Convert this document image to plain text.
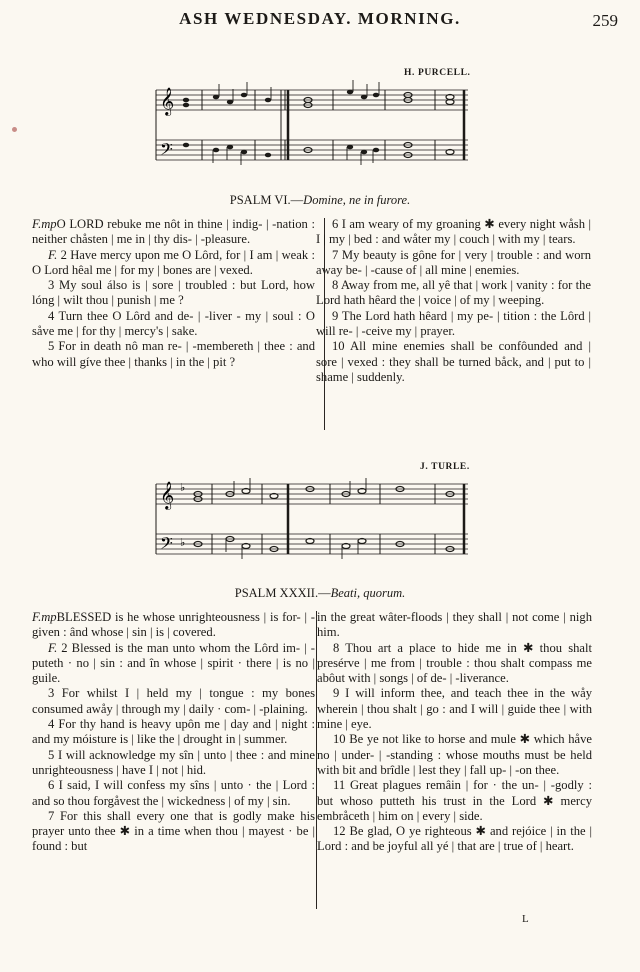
ASH WEDNESDAY. MORNING.	259
H. PURCELL.
𝄞
𝄢
PSALM VI.—Domine, ne in furore.

F.mpO LORD rebuke me nôt in thine | indig- | -nation : neither chåsten | me in | thy dis- | -pleasure.

F. 2 Have mercy upon me O Lôrd, for | I am | weak : O Lord hêal me | for my | bones are | vexed.

3 My soul álso is | sore | troubled : but Lord, how lóng | wilt thou | punish | me ?

4 Turn thee O Lôrd and de- | -liver - my | soul : O såve me | for thy | mercy's | sake.

5 For in death nô man re- | -membereth | thee : and who will gíve thee | thanks | in the | pit ?

6 I am weary of my groaning ✱ every night wåsh | I | my | bed : and wåter my | couch | with my | tears.

7 My beauty is gône for | very | trouble : and worn away be- | -cause of | all mine | enemies.

8 Away from me, all yê that | work | vanity : for the Lord hath hêard the | voice | of my | weeping.

9 The Lord hath hêard | my pe- | tition : the Lôrd | will re- | -ceive my | prayer.

10 All mine enemies shall be confôunded and | sore | vexed : they shall be turned båck, and | put to | shame | suddenly.

J. TURLE.
𝄞
𝄢
♭
♭
PSALM XXXII.—Beati, quorum.

F.mpBLESSED is he whose unrighteousness | is for- | -given : ând whose | sin | is | covered.

F. 2 Blessed is the man unto whom the Lôrd im- | -puteth · no | sin : and în whose | spirit · there | is no | guile.

3 For whilst I | held my | tongue : my bones consumed awåy | through my | daily · com- | -plaining.

4 For thy hand is heavy upôn me | day and | night : and my móisture is | like the | drought in | summer.

5 I will acknowledge my sîn | unto | thee : and mine unrighteousness | have I | not | hid.

6 I said, I will confess my sîns | unto · the | Lord : and so thou forgåvest the | wickedness | of my | sin.

7 For this shall every one that is godly make his prayer unto thee ✱ in a time when thou | mayest · be | found : but

in the great wâter-floods | they shall | not come | nigh him.

8 Thou art a place to hide me in ✱ thou shalt presérve | me from | trouble : thou shalt compass me abôut with | songs | of de- | -liverance.

9 I will inform thee, and teach thee in the wåy wherein | thou shalt | go : and I will | guide thee | with mine | eye.

10 Be ye not like to horse and mule ✱ which håve no | under- | -standing : whose mouths must be held with bit and brîdle | lest they | fall up- | -on thee.

11 Great plagues remâin | for · the un- | -godly : but whoso putteth his trust in the Lord ✱ mercy embråceth | him on | every | side.

12 Be glad, O ye righteous ✱ and rejóice | in the | Lord : and be joyful all yé | that are | true of | heart.

L
